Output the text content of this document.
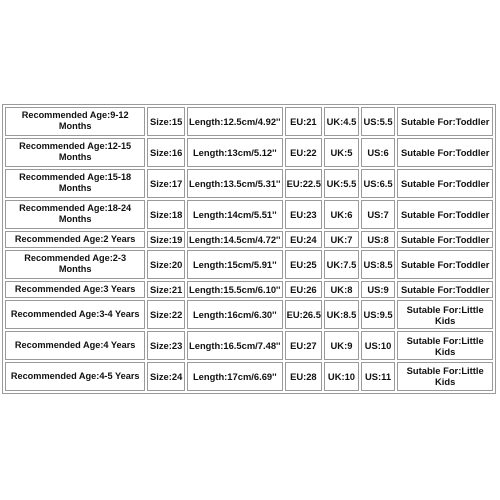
Recommended Age:9-12 Months	Size:15	Length:12.5cm/4.92''	EU:21	UK:4.5	US:5.5	Sutable For:Toddler
Recommended Age:12-15 Months	Size:16	Length:13cm/5.12''	EU:22	UK:5	US:6	Sutable For:Toddler
Recommended Age:15-18 Months	Size:17	Length:13.5cm/5.31''	EU:22.5	UK:5.5	US:6.5	Sutable For:Toddler
Recommended Age:18-24 Months	Size:18	Length:14cm/5.51''	EU:23	UK:6	US:7	Sutable For:Toddler
Recommended Age:2 Years	Size:19	Length:14.5cm/4.72''	EU:24	UK:7	US:8	Sutable For:Toddler
Recommended Age:2-3 Months	Size:20	Length:15cm/5.91''	EU:25	UK:7.5	US:8.5	Sutable For:Toddler
Recommended Age:3 Years	Size:21	Length:15.5cm/6.10''	EU:26	UK:8	US:9	Sutable For:Toddler
Recommended Age:3-4 Years	Size:22	Length:16cm/6.30''	EU:26.5	UK:8.5	US:9.5	Sutable For:Little Kids
Recommended Age:4 Years	Size:23	Length:16.5cm/7.48''	EU:27	UK:9	US:10	Sutable For:Little Kids
Recommended Age:4-5 Years	Size:24	Length:17cm/6.69''	EU:28	UK:10	US:11	Sutable For:Little Kids
